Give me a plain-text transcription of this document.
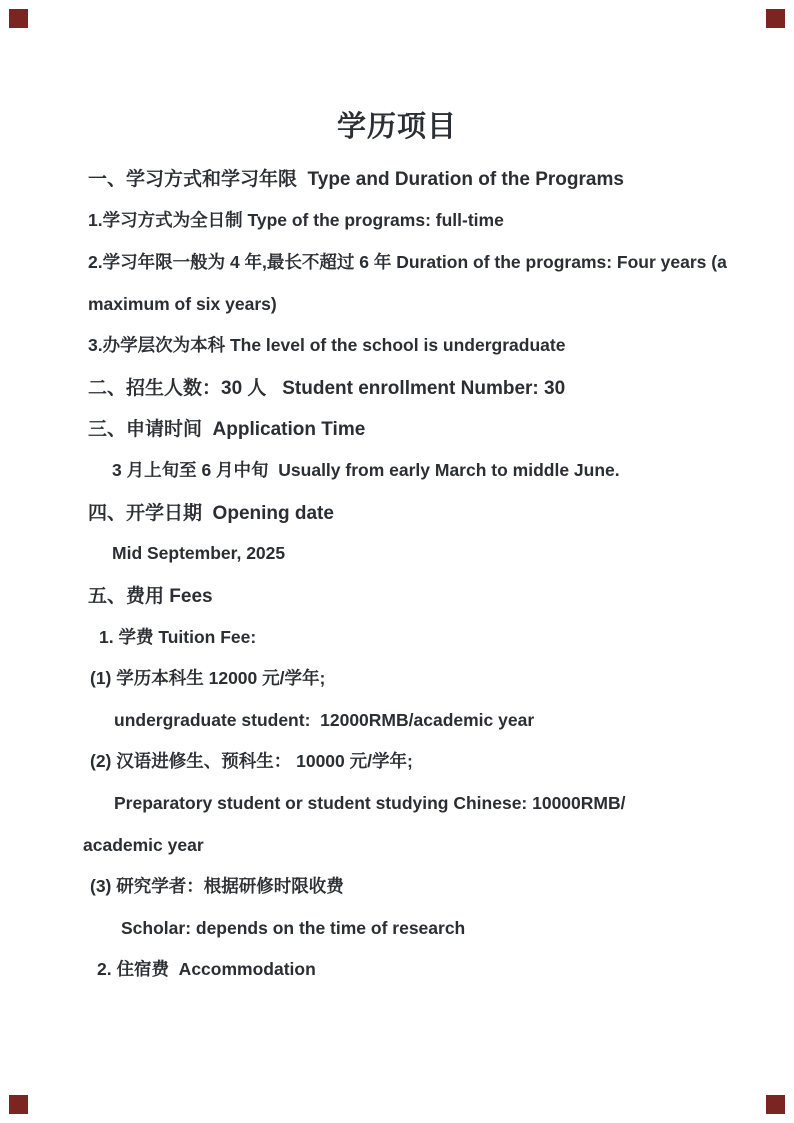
学历项目
一、学习方式和学习年限  Type and Duration of the Programs
1.学习方式为全日制 Type of the programs: full-time
2.学习年限一般为 4 年,最长不超过 6 年 Duration of the programs: Four years (a
maximum of six years)
3.办学层次为本科 The level of the school is undergraduate
二、招生人数：30 人   Student enrollment Number: 30
三、申请时间  Application Time
3 月上旬至 6 月中旬  Usually from early March to middle June.
四、开学日期  Opening date
Mid September, 2025
五、费用 Fees
1. 学费 Tuition Fee:
(1) 学历本科生 12000 元/学年;
undergraduate student:  12000RMB/academic year
(2) 汉语进修生、预科生： 10000 元/学年;
Preparatory student or student studying Chinese: 10000RMB/
academic year
(3) 研究学者：根据研修时限收费
Scholar: depends on the time of research
2. 住宿费  Accommodation
